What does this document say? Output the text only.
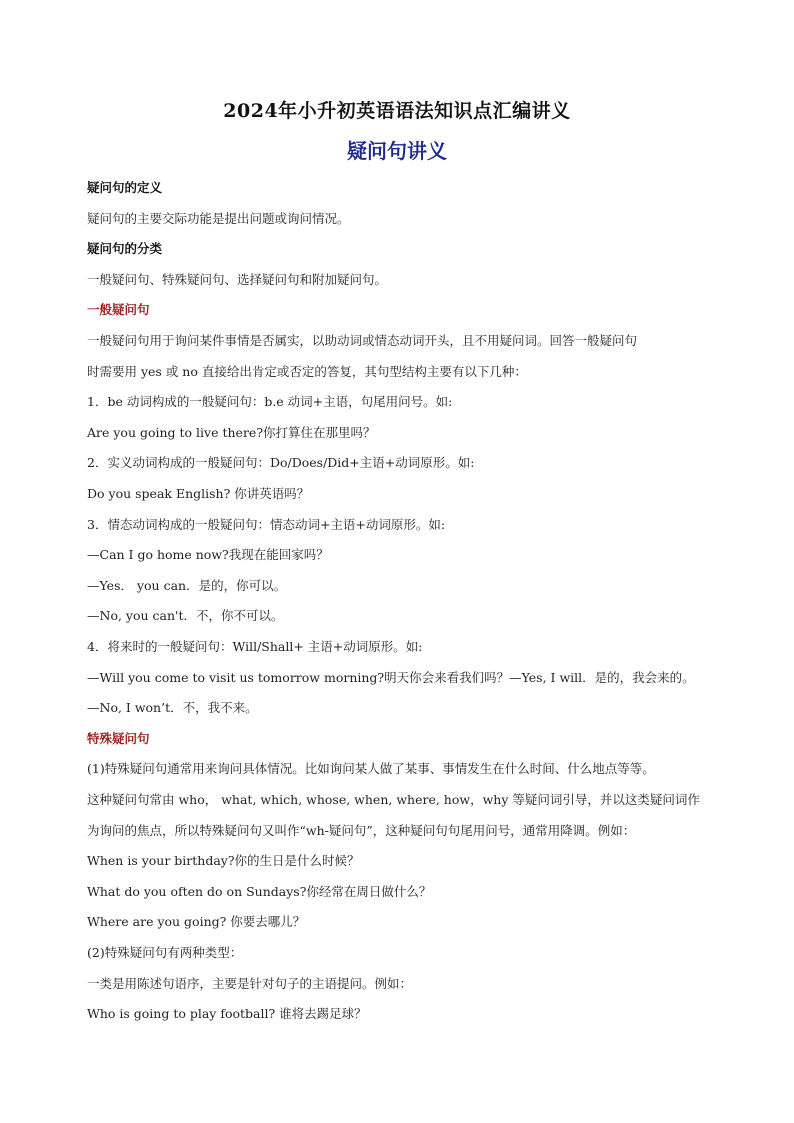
2024年小升初英语语法知识点汇编讲义
疑问句讲义
疑问句的定义
疑问句的主要交际功能是提出问题或询问情况。
疑问句的分类
一般疑问句、特殊疑问句、选择疑问句和附加疑问句。
一般疑问句
一般疑问句用于询问某件事情是否属实，以助动词或情态动词开头，且不用疑问词。回答一般疑问句
时需要用 yes 或 no 直接给出肯定或否定的答复，其句型结构主要有以下几种：
1．be 动词构成的一般疑问句：b.e 动词+主语，句尾用问号。如:
Are you going to live there?你打算住在那里吗？
2．实义动词构成的一般疑问句：Do/Does/Did+主语+动词原形。如:
Do you speak English? 你讲英语吗？
3．情态动词构成的一般疑问句：情态动词+主语+动词原形。如:
—Can I go home now?我现在能回家吗？
—Yes． you can．是的，你可以。
—No, you can't．不，你不可以。
4．将来时的一般疑问句：Will/Shall+ 主语+动词原形。如:
—Will you come to visit us tomorrow morning?明天你会来看我们吗？—Yes, I will．是的，我会来的。
—No, I won’t．不，我不来。
特殊疑问句
(1)特殊疑问句通常用来询问具体情况。比如询问某人做了某事、事情发生在什么时间、什么地点等等。
这种疑问句常由 who， what, which, whose, when, where, how，why 等疑问词引导，并以这类疑问词作
为询问的焦点，所以特殊疑问句又叫作“wh-疑问句”，这种疑问句句尾用问号，通常用降调。例如：
When is your birthday?你的生日是什么时候？
What do you often do on Sundays?你经常在周日做什么？
Where are you going? 你要去哪儿？
(2)特殊疑问句有两种类型：
一类是用陈述句语序，主要是针对句子的主语提问。例如：
Who is going to play football? 谁将去踢足球？
